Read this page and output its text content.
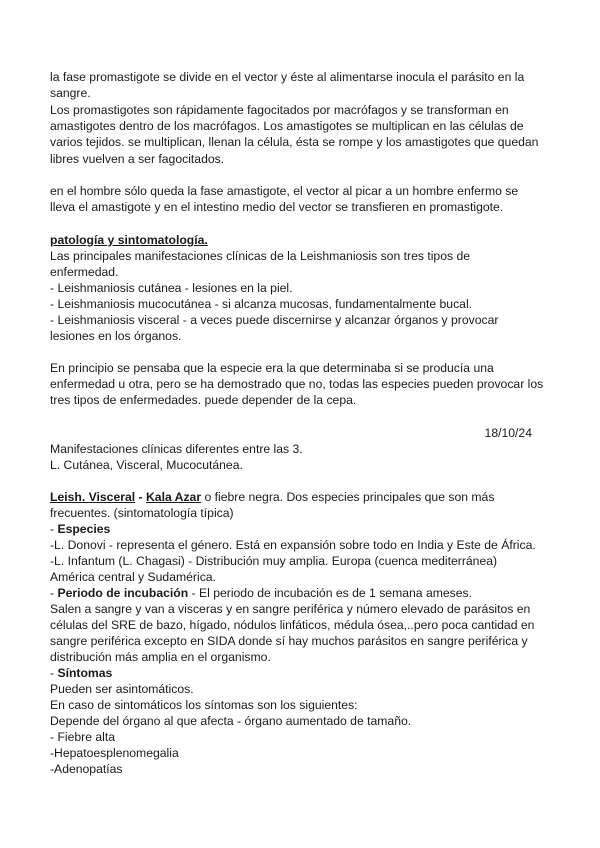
la fase promastigote se divide en el vector y éste al alimentarse inocula el parásito en la
sangre.
Los promastigotes son rápidamente fagocitados por macrófagos y se transforman en
amastigotes dentro de los macrófagos. Los amastigotes se multiplican en las células de
varios tejidos. se multiplican, llenan la célula, ésta se rompe y los amastigotes que quedan
libres vuelven a ser fagocitados.
en el hombre sólo queda la fase amastigote, el vector al picar a un hombre enfermo se
lleva el amastigote y en el intestino medio del vector se transfieren en promastigote.
patología y sintomatología.
Las principales manifestaciones clínicas de la Leishmaniosis son tres tipos de
enfermedad.
- Leishmaniosis cutánea - lesiones en la piel.
- Leishmaniosis mucocutánea - si alcanza mucosas, fundamentalmente bucal.
- Leishmaniosis visceral - a veces puede discernirse y alcanzar órganos y provocar
lesiones en los órganos.
En principio se pensaba que la especie era la que determinaba si se producía una
enfermedad u otra, pero se ha demostrado que no, todas las especies pueden provocar los
tres tipos de enfermedades. puede depender de la cepa.
18/10/24
Manifestaciones clínicas diferentes entre las 3.
L. Cutánea, Visceral, Mucocutánea.
Leish. Visceral - Kala Azar o fiebre negra. Dos especies principales que son más
frecuentes. (sintomatología típica)
- Especies
-L. Donovi - representa el género. Está en expansión sobre todo en India y Este de África.
-L. Infantum (L. Chagasi) - Distribución muy amplia. Europa (cuenca mediterránea)
América central y Sudamérica.
- Periodo de incubación - El periodo de incubación es de 1 semana ameses.
Salen a sangre y van a visceras y en sangre periférica y número elevado de parásitos en
células del SRE de bazo, hígado, nódulos linfáticos, médula ósea,..pero poca cantidad en
sangre periférica excepto en SIDA donde sí hay muchos parásitos en sangre periférica y
distribución más amplia en el organismo.
- Síntomas
Pueden ser asintomáticos.
En caso de sintomáticos los síntomas son los siguientes:
Depende del órgano al que afecta - órgano aumentado de tamaño.
- Fiebre alta
-Hepatoesplenomegalia
-Adenopatías
